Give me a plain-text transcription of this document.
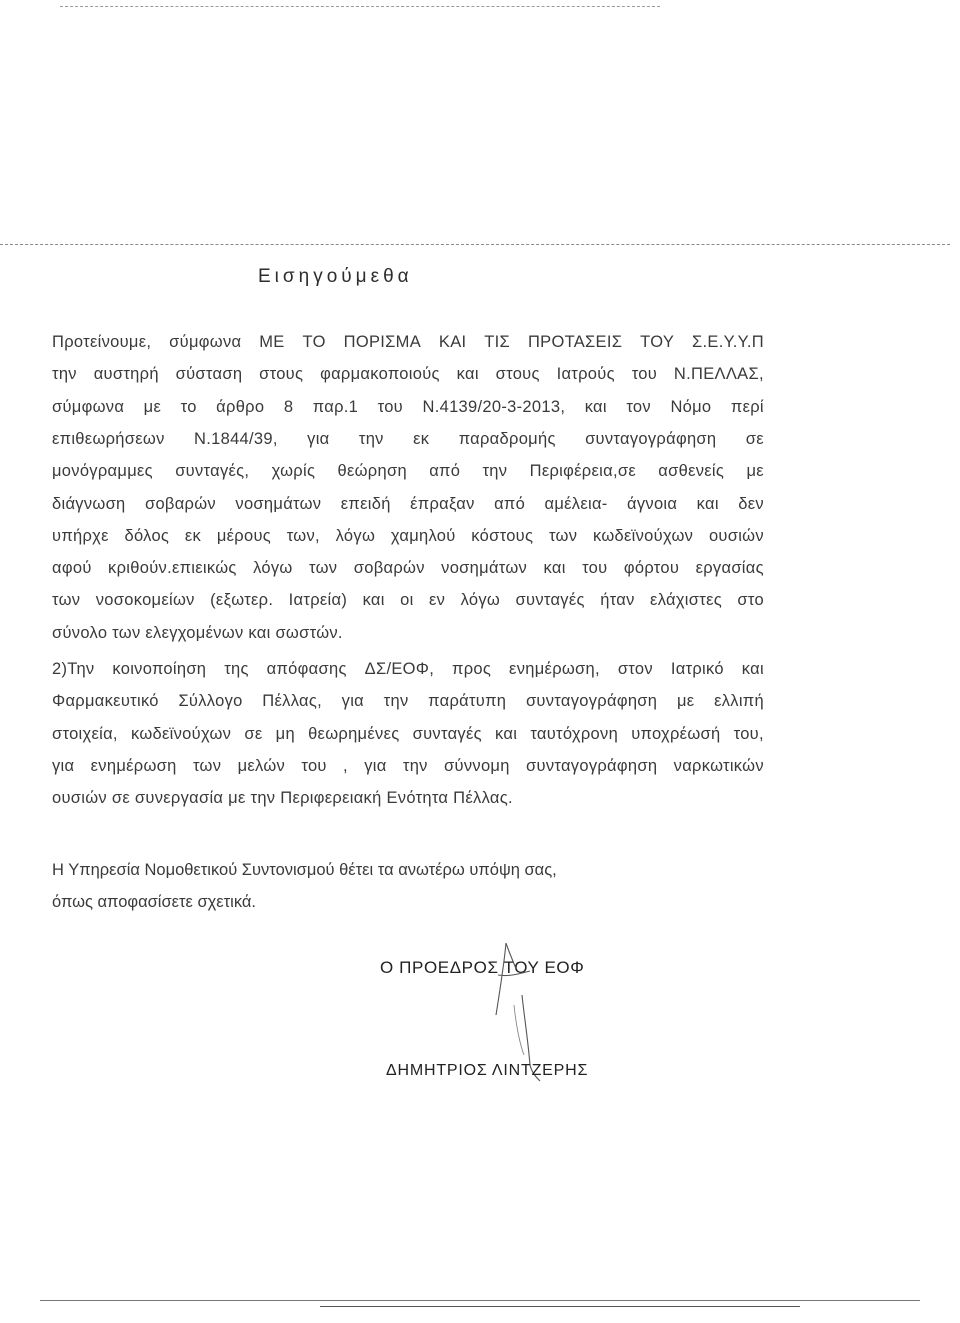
Εισηγούμεθα
Προτείνουμε, σύμφωνα ΜΕ ΤΟ ΠΟΡΙΣΜΑ ΚΑΙ ΤΙΣ ΠΡΟΤΑΣΕΙΣ ΤΟΥ Σ.Ε.Υ.Υ.Π
την αυστηρή σύσταση στους φαρμακοποιούς και στους Ιατρούς του Ν.ΠΕΛΛΑΣ,
σύμφωνα με το άρθρο 8 παρ.1 του Ν.4139/20-3-2013, και τον Νόμο περί
επιθεωρήσεων Ν.1844/39, για την εκ παραδρομής συνταγογράφηση σε
μονόγραμμες συνταγές, χωρίς θεώρηση από την Περιφέρεια,σε ασθενείς με
διάγνωση σοβαρών νοσημάτων επειδή έπραξαν από αμέλεια- άγνοια και δεν
υπήρχε δόλος εκ μέρους των, λόγω χαμηλού κόστους των κωδεϊνούχων ουσιών
αφού κριθούν.επιεικώς λόγω των σοβαρών νοσημάτων και του φόρτου εργασίας
των νοσοκομείων (εξωτερ. Ιατρεία) και οι εν λόγω συνταγές ήταν ελάχιστες στο
σύνολο των ελεγχομένων και σωστών.
2)Την κοινοποίηση της απόφασης ΔΣ/ΕΟΦ, προς ενημέρωση, στον Ιατρικό και
Φαρμακευτικό Σύλλογο Πέλλας, για την παράτυπη συνταγογράφηση με ελλιπή
στοιχεία, κωδεϊνούχων σε μη θεωρημένες συνταγές και ταυτόχρονη υποχρέωσή του,
για ενημέρωση των μελών του , για την σύννομη συνταγογράφηση ναρκωτικών
ουσιών σε συνεργασία με την Περιφερειακή Ενότητα Πέλλας.
Η Υπηρεσία Νομοθετικού Συντονισμού θέτει τα ανωτέρω υπόψη σας,
όπως αποφασίσετε σχετικά.
Ο ΠΡΟΕΔΡΟΣ ΤΟΥ ΕΟΦ
ΔΗΜΗΤΡΙΟΣ ΛΙΝΤΖΕΡΗΣ
